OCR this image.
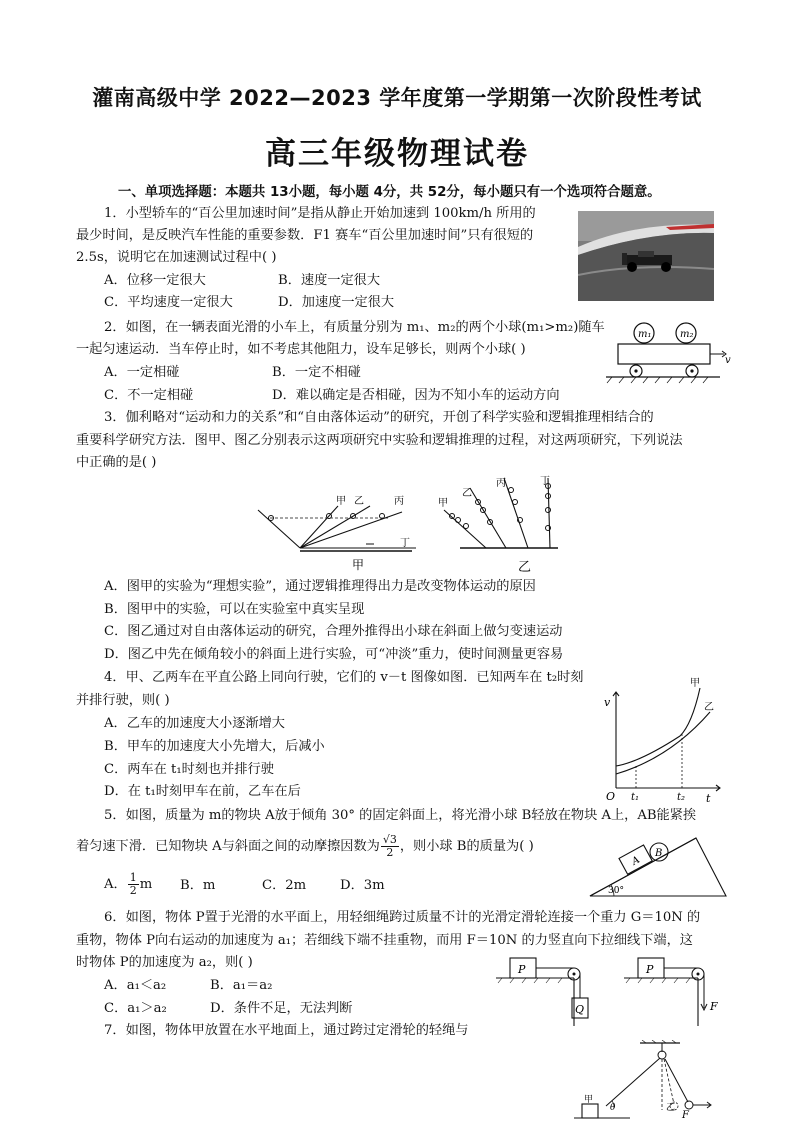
灌南高级中学 2022—2023 学年度第一学期第一次阶段性考试
高三年级物理试卷
一、单项选择题：本题共 13小题，每小题 4分，共 52分，每小题只有一个选项符合题意。
1．小型轿车的“百公里加速时间”是指从静止开始加速到 100km/h 所用的
最少时间，是反映汽车性能的重要参数．F1 赛车“百公里加速时间”只有很短的
2.5s，说明它在加速测试过程中( )
A．位移一定很大	B．速度一定很大
C．平均速度一定很大	D．加速度一定很大
2．如图，在一辆表面光滑的小车上，有质量分别为 m₁、m₂的两个小球(m₁>m₂)随车
一起匀速运动．当车停止时，如不考虑其他阻力，设车足够长，则两个小球( )
A．一定相碰	B．一定不相碰
C．不一定相碰	D．难以确定是否相碰，因为不知小车的运动方向
m₁	m₂
v
3．伽利略对“运动和力的关系”和“自由落体运动”的研究，开创了科学实验和逻辑推理相结合的
重要科学研究方法．图甲、图乙分别表示这两项研究中实验和逻辑推理的过程，对这两项研究，下列说法
中正确的是( )
甲 乙	丙
丁
甲
甲
乙
丙	丁
乙
A．图甲的实验为“理想实验”，通过逻辑推理得出力是改变物体运动的原因
B．图甲中的实验，可以在实验室中真实呈现
C．图乙通过对自由落体运动的研究，合理外推得出小球在斜面上做匀变速运动
D．图乙中先在倾角较小的斜面上进行实验，可“冲淡”重力，使时间测量更容易
4．甲、乙两车在平直公路上同向行驶，它们的 v－t 图像如图．已知两车在 t₂时刻
并排行驶，则( )
A．乙车的加速度大小逐渐增大
B．甲车的加速度大小先增大，后减小
C．两车在 t₁时刻也并排行驶
D．在 t₁时刻甲车在前，乙车在后
v
t
O t₁	t₂
甲
乙
5．如图，质量为 m的物块 A放于倾角 30° 的固定斜面上，将光滑小球 B轻放在物块 A上，AB能紧挨
着匀速下滑．已知物块 A与斜面之间的动摩擦因数为 $\frac{√3}{2}$ ，则小球 B的质量为( )
A． $\frac{1}{2}$ m B．m	C．2m	D．3m	30°
A
B
6．如图，物体 P置于光滑的水平面上，用轻细绳跨过质量不计的光滑定滑轮连接一个重力 G＝10N 的
重物，物体 P向右运动的加速度为 a₁；若细线下端不挂重物，而用 F＝10N 的力竖直向下拉细线下端，这
时物体 P的加速度为 a₂，则( )
A．a₁＜a₂	B．a₁＝a₂
C．a₁＞a₂	D．条件不足，无法判断
P
Q
P
F
7．如图，物体甲放置在水平地面上，通过跨过定滑轮的轻绳与
F
乙
甲
θ
